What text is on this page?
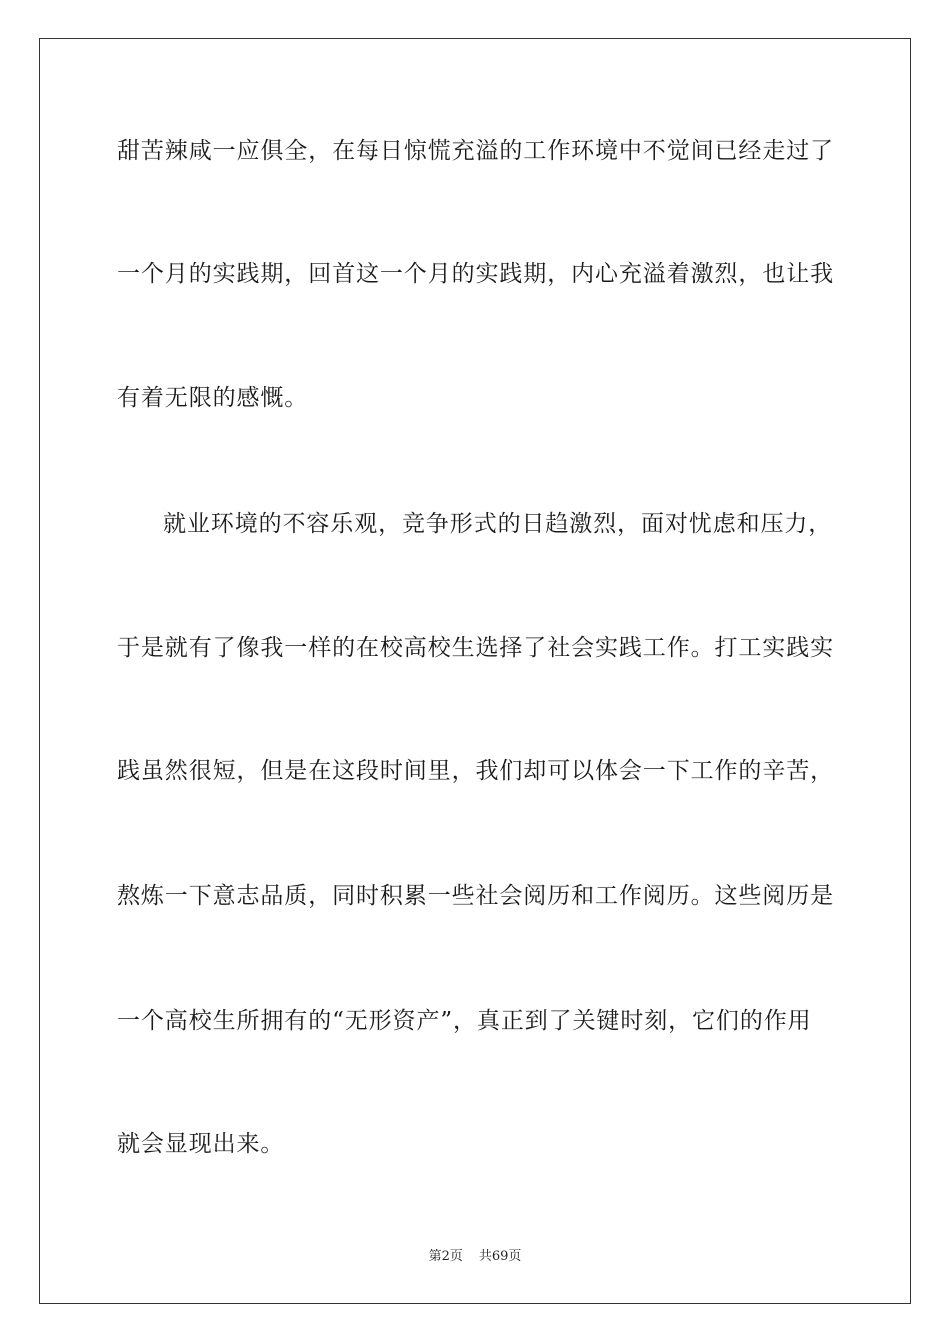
甜苦辣咸一应俱全，在每日惊慌充溢的工作环境中不觉间已经走过了
一个月的实践期，回首这一个月的实践期，内心充溢着激烈，也让我
有着无限的感慨。
就业环境的不容乐观，竞争形式的日趋激烈，面对忧虑和压力，
于是就有了像我一样的在校高校生选择了社会实践工作。打工实践实
践虽然很短，但是在这段时间里，我们却可以体会一下工作的辛苦，
熬炼一下意志品质，同时积累一些社会阅历和工作阅历。这些阅历是
一个高校生所拥有的“无形资产”，真正到了关键时刻，它们的作用
就会显现出来。
第2页 共69页
